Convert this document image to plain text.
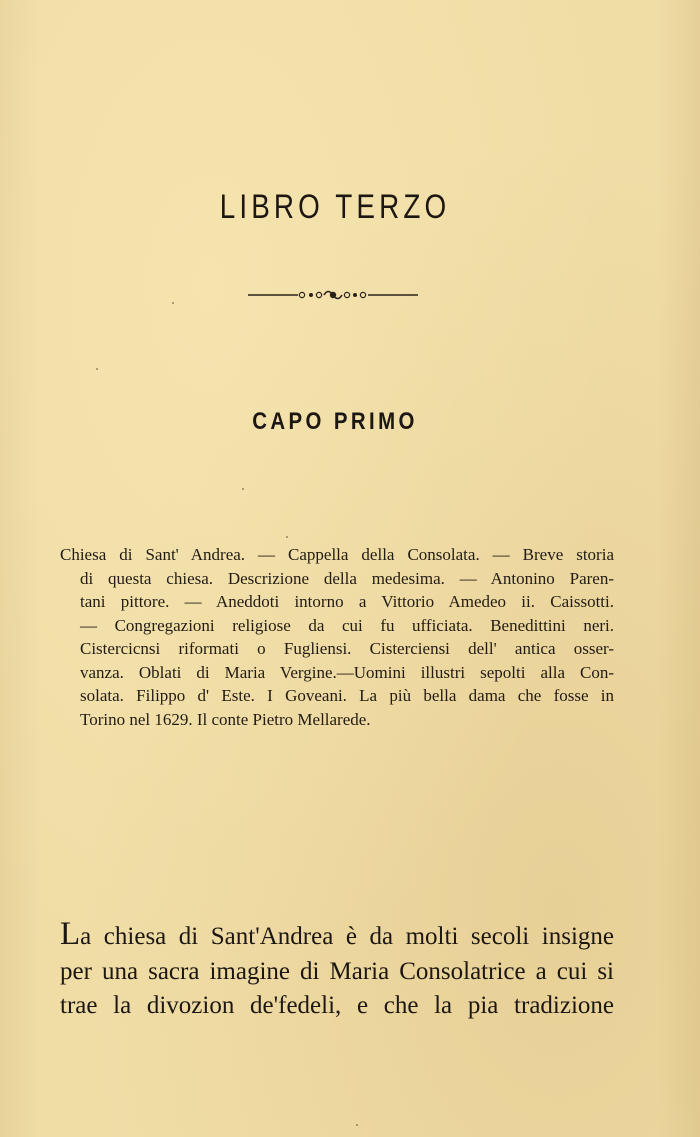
LIBRO TERZO
CAPO PRIMO
Chiesa di Sant' Andrea. — Cappella della Consolata. — Breve storia
di questa chiesa. Descrizione della medesima. — Antonino Paren-
tani pittore. — Aneddoti intorno a Vittorio Amedeo ii. Caissotti.
— Congregazioni religiose da cui fu ufficiata. Benedittini neri.
Cistercicnsi riformati o Fugliensi. Cisterciensi dell' antica osser-
vanza. Oblati di Maria Vergine.—Uomini illustri sepolti alla Con-
solata. Filippo d' Este. I Goveani. La più bella dama che fosse in
Torino nel 1629. Il conte Pietro Mellarede.
La chiesa di Sant'Andrea è da molti secoli insigne
per una sacra imagine di Maria Consolatrice a cui si
trae la divozion de'fedeli, e che la pia tradizione
